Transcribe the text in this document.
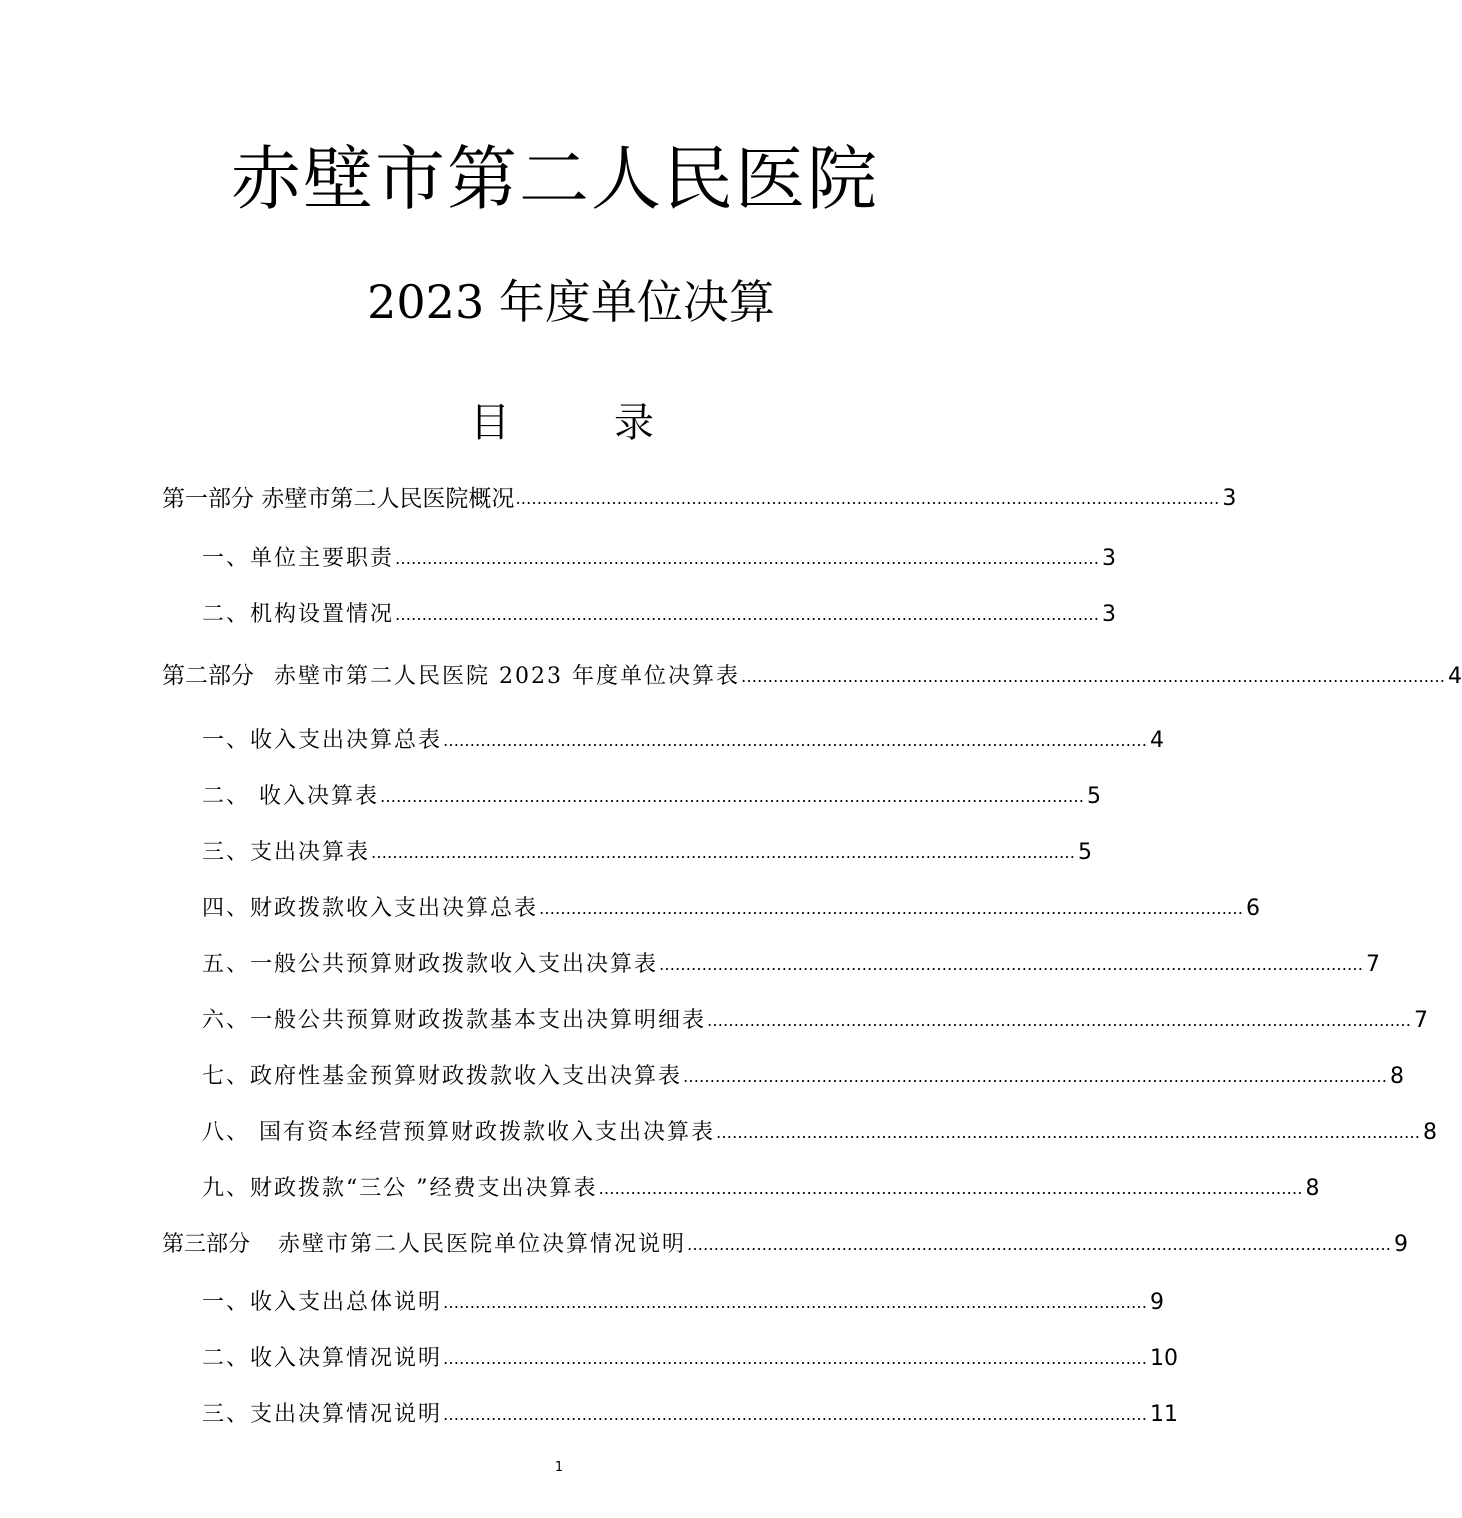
赤壁市第二人民医院
2023 年度单位决算
目	录
第一部分 赤壁市第二人民医院概况 …………………………………………………………………………………………………………………… 3
一、单位主要职责 …………………………………………………………………………………………………………………… 3
二、机构设置情况 …………………………………………………………………………………………………………………… 3
第二部分 赤壁市第二人民医院 2023 年度单位决算表 …………………………………………………………………………………………………………………… 4
一、收入支出决算总表 …………………………………………………………………………………………………………………… 4
二、 收入决算表 …………………………………………………………………………………………………………………… 5
三、支出决算表 …………………………………………………………………………………………………………………… 5
四、财政拨款收入支出决算总表 …………………………………………………………………………………………………………………… 6
五、一般公共预算财政拨款收入支出决算表 …………………………………………………………………………………………………………………… 7
六、一般公共预算财政拨款基本支出决算明细表 …………………………………………………………………………………………………………………… 7
七、政府性基金预算财政拨款收入支出决算表 …………………………………………………………………………………………………………………… 8
八、 国有资本经营预算财政拨款收入支出决算表 …………………………………………………………………………………………………………………… 8
九、财政拨款“三公 ”经费支出决算表 …………………………………………………………………………………………………………………… 8
第三部分 赤壁市第二人民医院单位决算情况说明 …………………………………………………………………………………………………………………… 9
一、收入支出总体说明 …………………………………………………………………………………………………………………… 9
二、收入决算情况说明 …………………………………………………………………………………………………………………… 10
三、支出决算情况说明 …………………………………………………………………………………………………………………… 11
1
